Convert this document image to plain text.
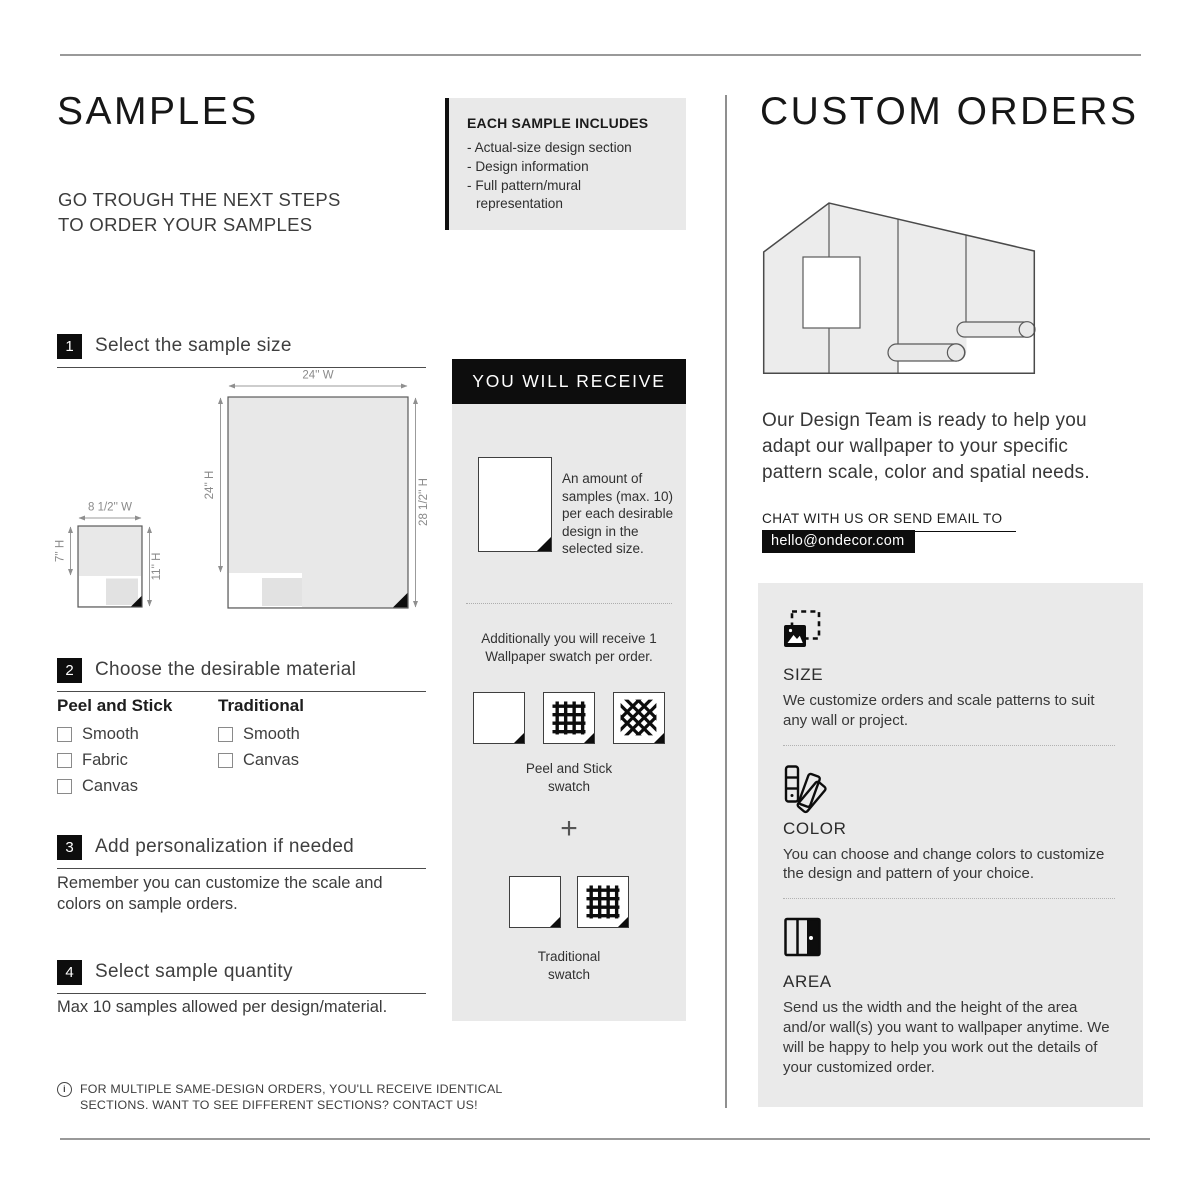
SAMPLES
GO TROUGH THE NEXT STEPS TO ORDER YOUR SAMPLES
EACH SAMPLE INCLUDES
- Actual-size design section
- Design information
- Full pattern/mural representation
1	Select the sample size
24'' W
24'' H	28 1/2'' H
8 1/2'' W
7'' H
11'' H
2	Choose the desirable material
Peel and Stick
Smooth
Fabric
Canvas
Traditional
Smooth
Canvas
3	Add personalization if needed
Remember you can customize the scale and colors on sample orders.
4	Select sample quantity
Max 10 samples allowed per design/material.
i	FOR MULTIPLE SAME-DESIGN ORDERS, YOU'LL RECEIVE IDENTICAL SECTIONS. WANT TO SEE DIFFERENT SECTIONS? CONTACT US!
YOU WILL RECEIVE
An amount of samples (max. 10) per each desirable design in the selected size.
Additionally you will receive 1 Wallpaper swatch per order.
Peel and Stick
swatch
+
Traditional
swatch
CUSTOM ORDERS
Our Design Team is ready to help you adapt our wallpaper to your specific pattern scale, color and spatial needs.
CHAT WITH US OR SEND EMAIL TO
hello@ondecor.com
SIZE
We customize orders and scale patterns to suit any wall or project.
COLOR
You can choose and change colors to customize the design and pattern of your choice.
AREA
Send us the width and the height of the area and/or wall(s) you want to wallpaper anytime. We will be happy to help you work out the details of your customized order.
